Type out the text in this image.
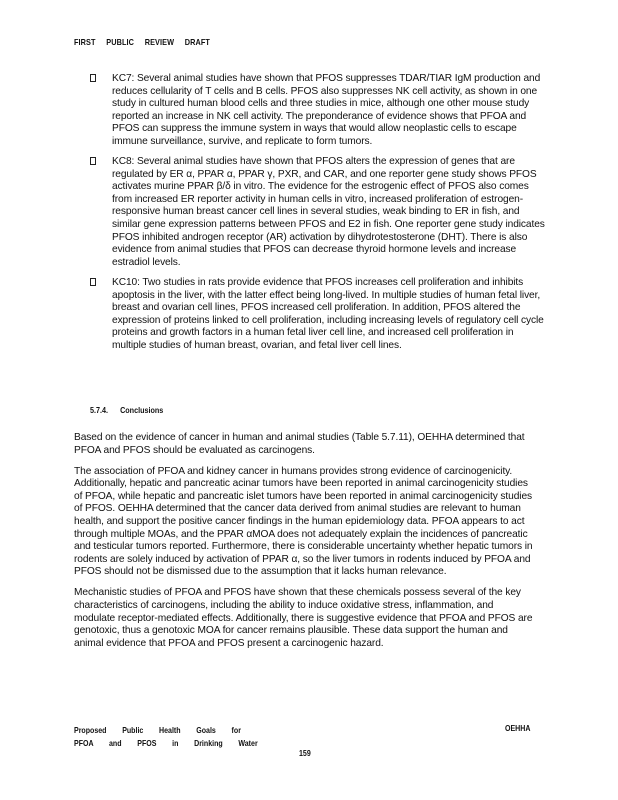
FIRST PUBLIC REVIEW DRAFT

KC7: Several animal studies have shown that PFOS suppresses TDAR/TIAR IgM production and reduces cellularity of T cells and B cells. PFOS also suppresses NK cell activity, as shown in one study in cultured human blood cells and three studies in mice, although one other mouse study reported an increase in NK cell activity. The preponderance of evidence shows that PFOA and PFOS can suppress the immune system in ways that would allow neoplastic cells to escape immune surveillance, survive, and replicate to form tumors.

KC8: Several animal studies have shown that PFOS alters the expression of genes that are regulated by ER α, PPAR α, PPAR γ, PXR, and CAR, and one reporter gene study shows PFOS activates murine PPAR β/δ in vitro. The evidence for the estrogenic effect of PFOS also comes from increased ER reporter activity in human cells in vitro, increased proliferation of estrogen-responsive human breast cancer cell lines in several studies, weak binding to ER in fish, and similar gene expression patterns between PFOS and E2 in fish. One reporter gene study indicates PFOS inhibited androgen receptor (AR) activation by dihydrotestosterone (DHT). There is also evidence from animal studies that PFOS can decrease thyroid hormone levels and increase estradiol levels.

KC10: Two studies in rats provide evidence that PFOS increases cell proliferation and inhibits apoptosis in the liver, with the latter effect being long-lived. In multiple studies of human fetal liver, breast and ovarian cell lines, PFOS increased cell proliferation. In addition, PFOS altered the expression of proteins linked to cell proliferation, including increasing levels of regulatory cell cycle proteins and growth factors in a human fetal liver cell line, and increased cell proliferation in multiple studies of human breast, ovarian, and fetal liver cell lines.

5.7.4. Conclusions

Based on the evidence of cancer in human and animal studies (Table 5.7.11), OEHHA determined that PFOA and PFOS should be evaluated as carcinogens.

The association of PFOA and kidney cancer in humans provides strong evidence of carcinogenicity. Additionally, hepatic and pancreatic acinar tumors have been reported in animal carcinogenicity studies of PFOA, while hepatic and pancreatic islet tumors have been reported in animal carcinogenicity studies of PFOS. OEHHA determined that the cancer data derived from animal studies are relevant to human health, and support the positive cancer findings in the human epidemiology data. PFOA appears to act through multiple MOAs, and the PPAR αMOA does not adequately explain the incidences of pancreatic and testicular tumors reported. Furthermore, there is considerable uncertainty whether hepatic tumors in rodents are solely induced by activation of PPAR α, so the liver tumors in rodents induced by PFOA and PFOS should not be dismissed due to the assumption that it lacks human relevance.

Mechanistic studies of PFOA and PFOS have shown that these chemicals possess several of the key characteristics of carcinogens, including the ability to induce oxidative stress, inflammation, and modulate receptor-mediated effects. Additionally, there is suggestive evidence that PFOA and PFOS are genotoxic, thus a genotoxic MOA for cancer remains plausible. These data support the human and animal evidence that PFOA and PFOS present a carcinogenic hazard.

Proposed Public Health Goals for
PFOA and PFOS in Drinking Water
OEHHA
159
